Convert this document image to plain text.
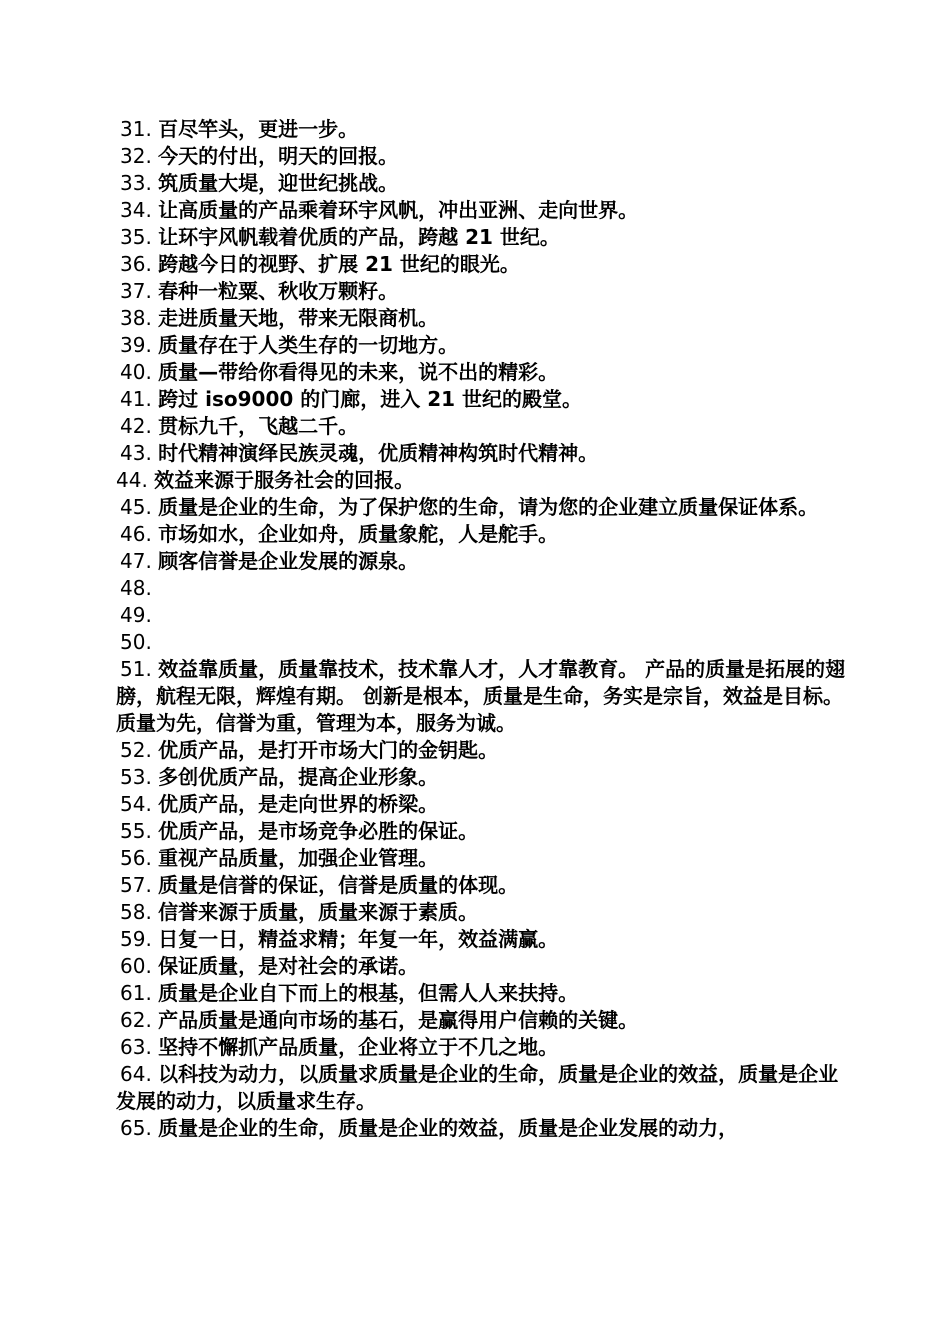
31. 百尽竿头，更进一步。
32. 今天的付出，明天的回报。
33. 筑质量大堤，迎世纪挑战。
34. 让高质量的产品乘着环宇风帆，冲出亚洲、走向世界。
35. 让环宇风帆载着优质的产品，跨越 21 世纪。
36. 跨越今日的视野、扩展 21 世纪的眼光。
37. 春种一粒粟、秋收万颗籽。
38. 走进质量天地，带来无限商机。
39. 质量存在于人类生存的一切地方。
40. 质量—带给你看得见的未来，说不出的精彩。
41. 跨过 iso9000 的门廊，进入 21 世纪的殿堂。
42. 贯标九千，飞越二千。
43. 时代精神演绎民族灵魂，优质精神构筑时代精神。
44. 效益来源于服务社会的回报。
45. 质量是企业的生命，为了保护您的生命，请为您的企业建立质量保证体系。
46. 市场如水，企业如舟，质量象舵，人是舵手。
47. 顾客信誉是企业发展的源泉。
48.
49.
50.
51. 效益靠质量，质量靠技术，技术靠人才，人才靠教育。 产品的质量是拓展的翅膀，航程无限，辉煌有期。 创新是根本，质量是生命，务实是宗旨，效益是目标。 质量为先，信誉为重，管理为本，服务为诚。
52. 优质产品，是打开市场大门的金钥匙。
53. 多创优质产品，提高企业形象。
54. 优质产品，是走向世界的桥梁。
55. 优质产品，是市场竞争必胜的保证。
56. 重视产品质量，加强企业管理。
57. 质量是信誉的保证，信誉是质量的体现。
58. 信誉来源于质量，质量来源于素质。
59. 日复一日，精益求精；年复一年，效益满赢。
60. 保证质量，是对社会的承诺。
61. 质量是企业自下而上的根基，但需人人来扶持。
62. 产品质量是通向市场的基石，是赢得用户信赖的关键。
63. 坚持不懈抓产品质量，企业将立于不几之地。
64. 以科技为动力，以质量求质量是企业的生命，质量是企业的效益，质量是企业发展的动力，以质量求生存。
65. 质量是企业的生命，质量是企业的效益，质量是企业发展的动力，
